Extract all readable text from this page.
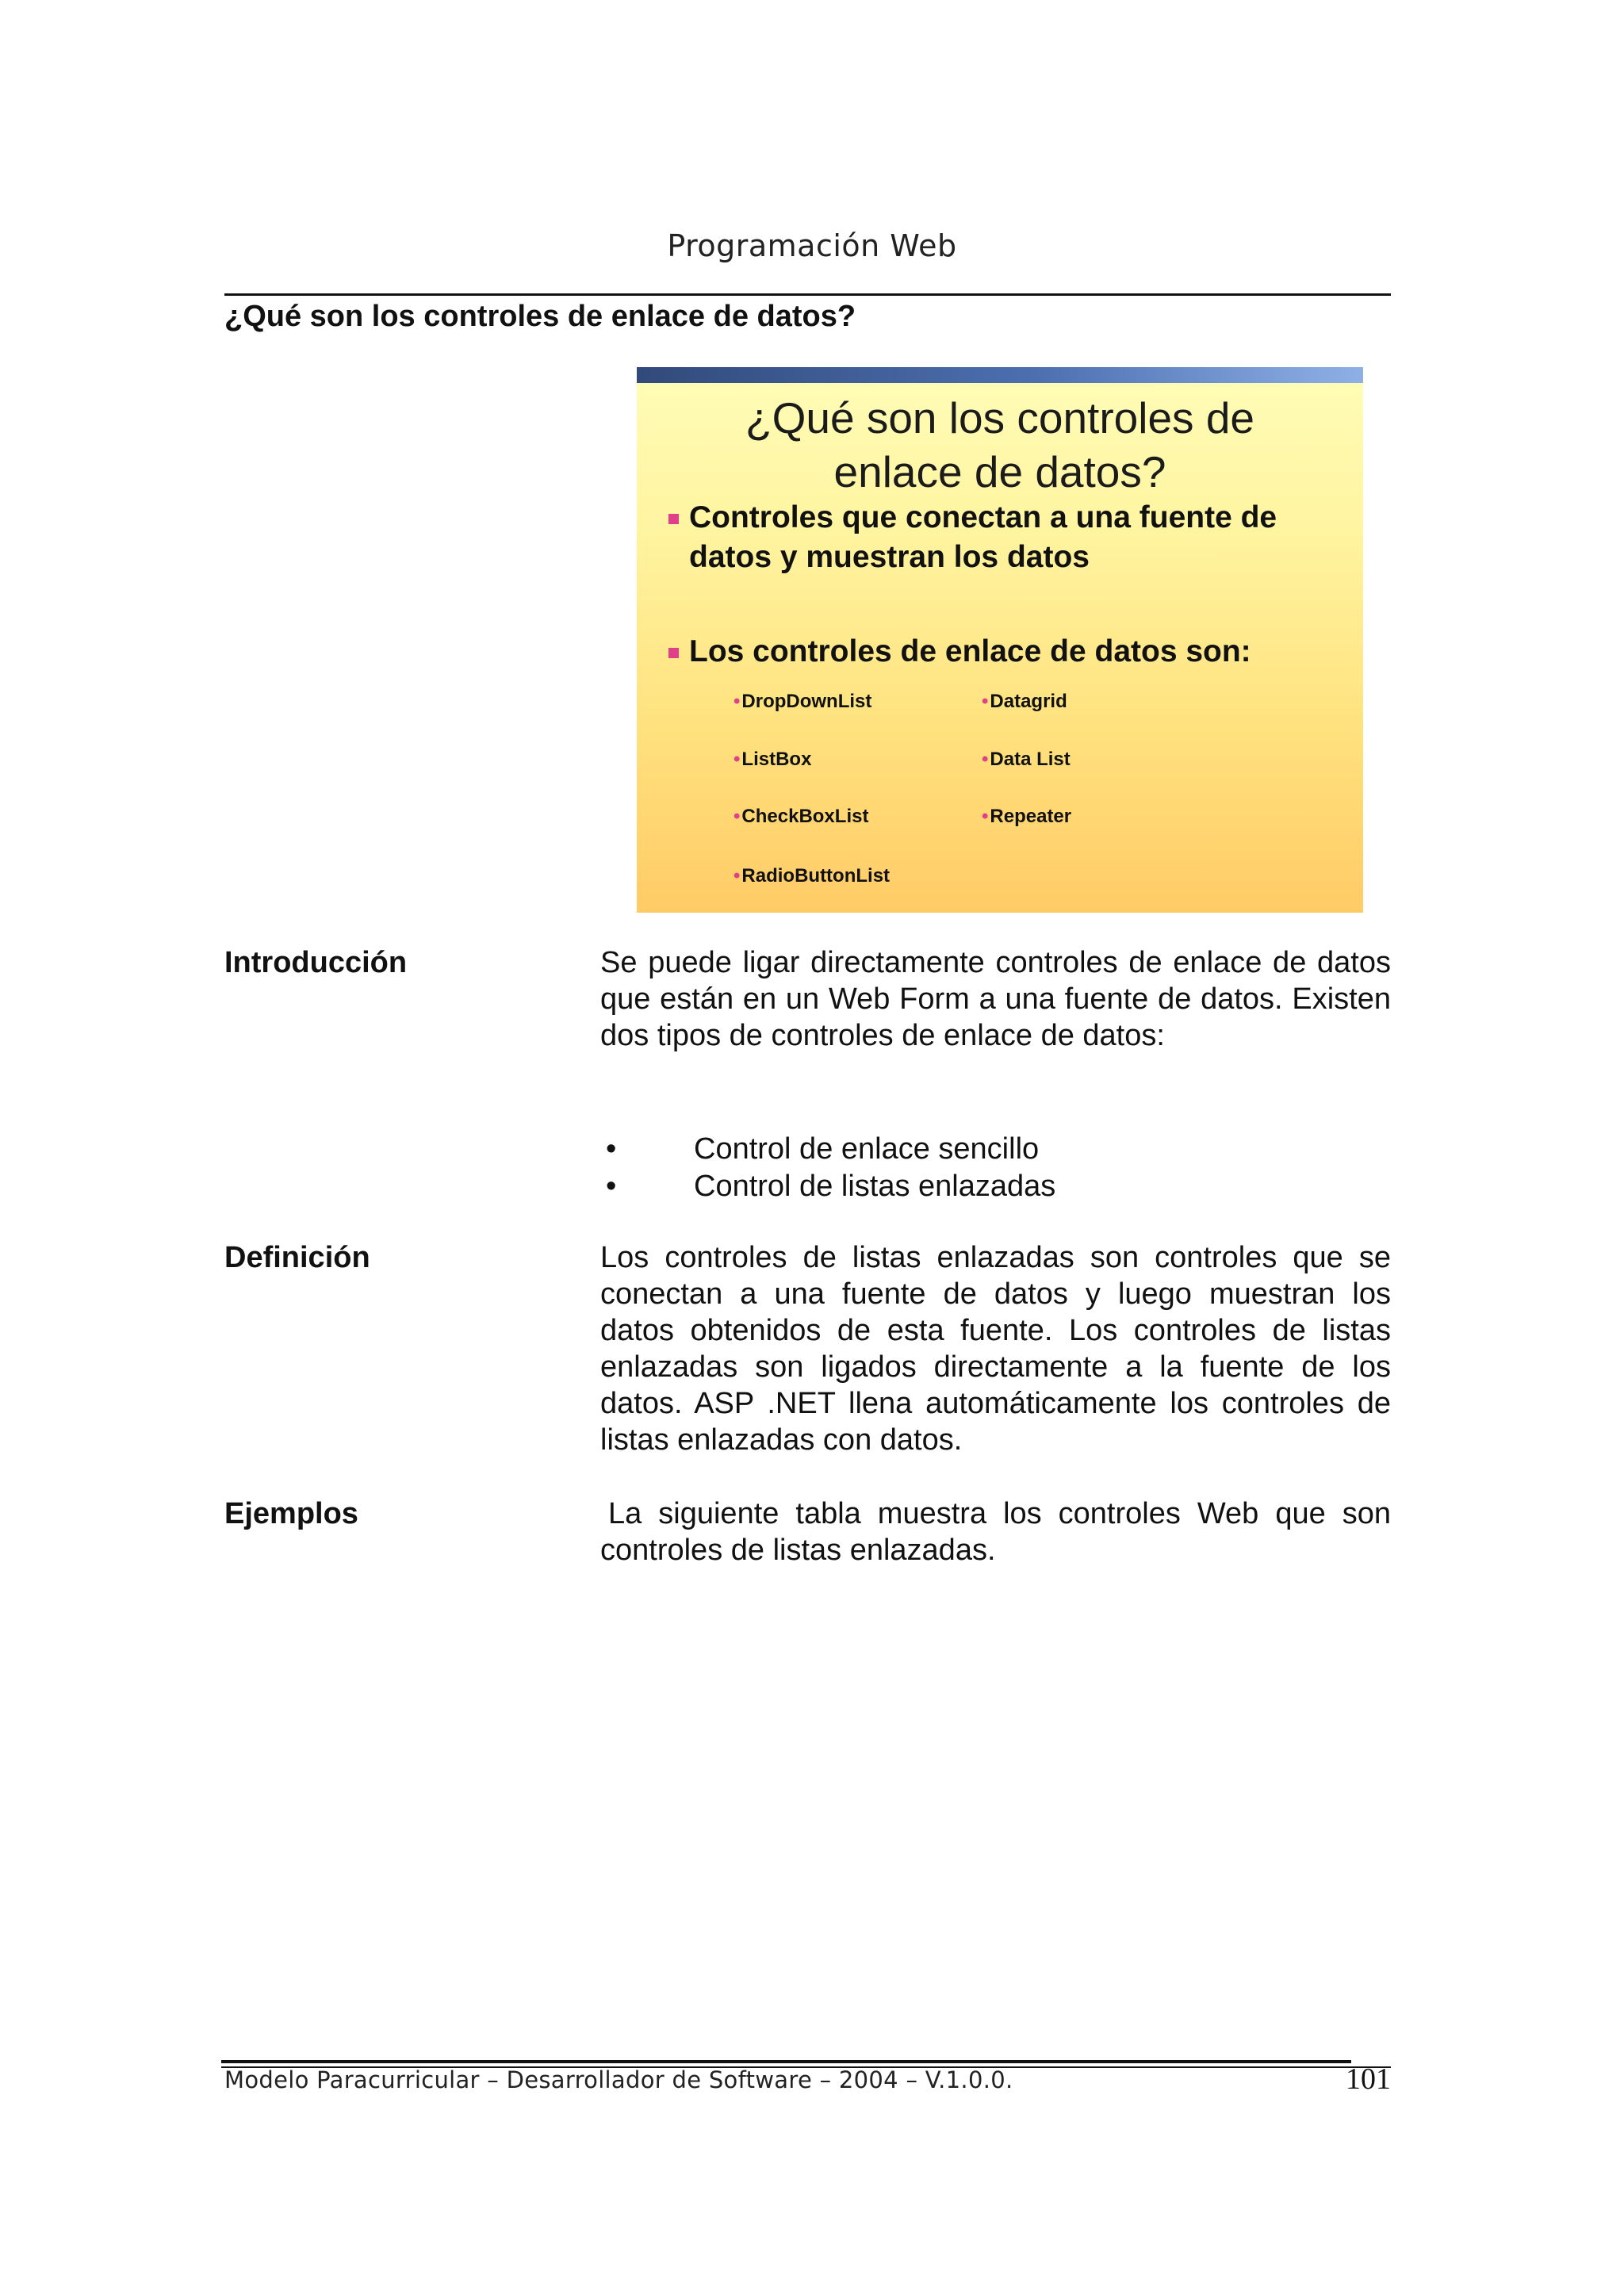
Programación Web
¿Qué son los controles de enlace de datos?
¿Qué son los controles de
enlace de datos?
Controles que conectan a una fuente de
datos y muestran los datos
Los controles de enlace de datos son:
•DropDownList
•ListBox
•CheckBoxList
•RadioButtonList
•Datagrid
•Data List
•Repeater
Introducción	Se puede ligar directamente controles de enlace de datos que están en un Web Form a una fuente de datos. Existen dos tipos de controles de enlace de datos:
•	Control de enlace sencillo
•	Control de listas enlazadas
Definición	Los controles de listas enlazadas son controles que se conectan a una fuente de datos y luego muestran los datos obtenidos de esta fuente. Los controles de listas enlazadas son ligados directamente a la fuente de los datos. ASP .NET llena automáticamente los controles de listas enlazadas con datos.
Ejemplos	La siguiente tabla muestra los controles Web que son controles de listas enlazadas.
Modelo Paracurricular – Desarrollador de Software – 2004 – V.1.0.0.	101
